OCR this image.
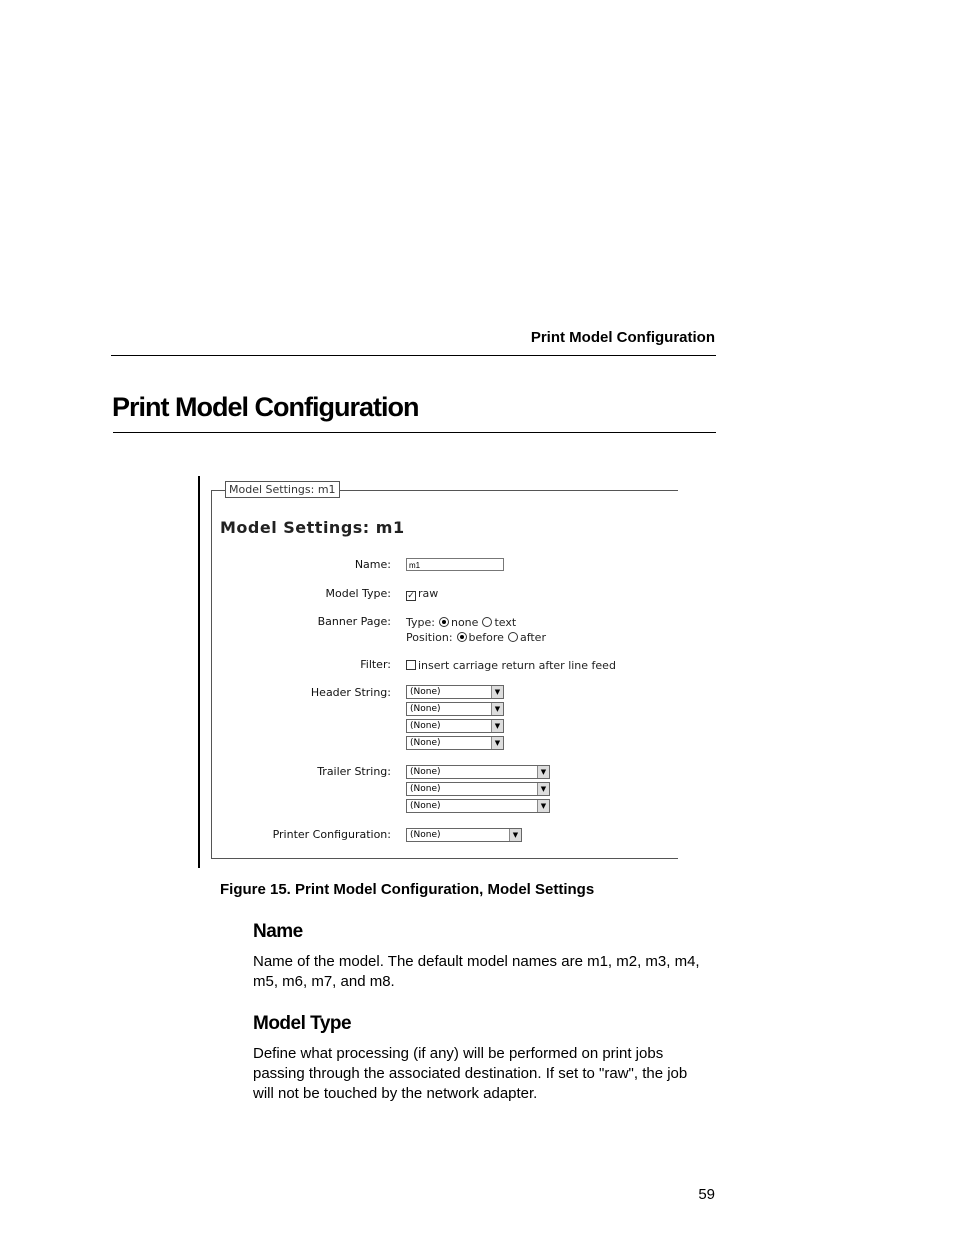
Print Model Configuration
Print Model Configuration
Model Settings: m1
Model Settings: m1
Name:	m1
Model Type: ✓ raw
Banner Page: Type: none text
Position: before after
Filter:	insert carriage return after line feed
Header String:	(None)	▼
(None)	▼
(None)	▼
(None)	▼
Trailer String:	(None)	▼
(None)	▼
(None)	▼
Printer Configuration:	(None)	▼
Figure 15. Print Model Configuration, Model Settings
Name
Name of the model. The default model names are m1, m2, m3, m4,
m5, m6, m7, and m8.
Model Type
Define what processing (if any) will be performed on print jobs
passing through the associated destination. If set to "raw", the job
will not be touched by the network adapter.
59
